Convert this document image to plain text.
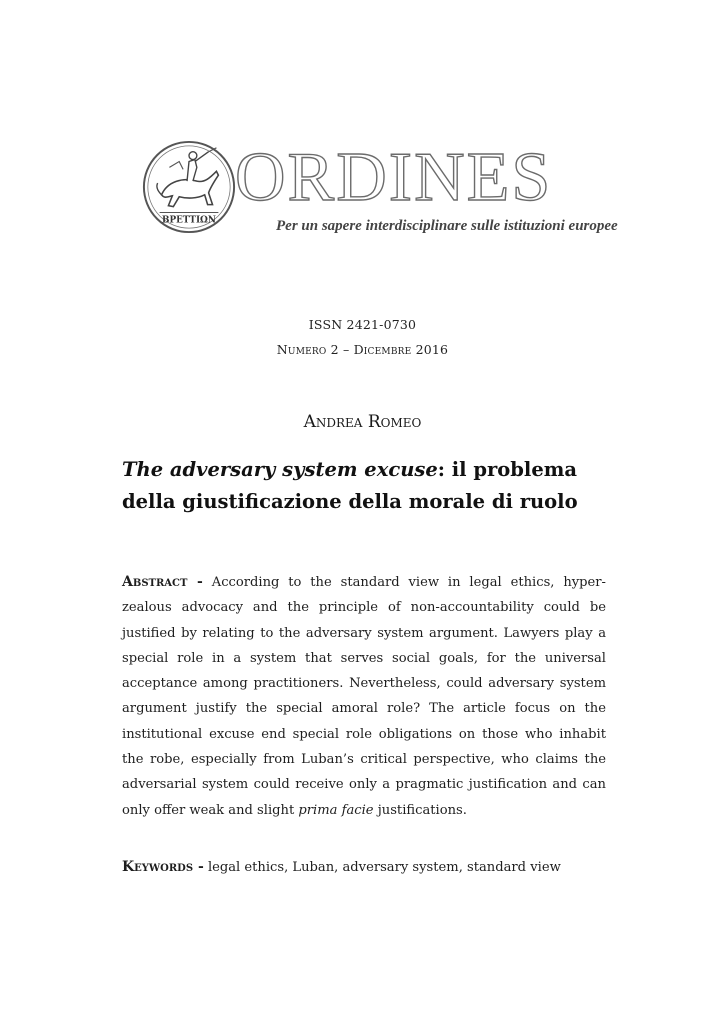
ΒΡΕΤΤΙΩΝ
ORDINES
Per un sapere interdisciplinare sulle istituzioni europee
ISSN 2421-0730
Numero 2 – Dicembre 2016
Andrea Romeo
The adversary system excuse: il problema della giustificazione della morale di ruolo
Abstract - According to the standard view in legal ethics, hyper-zealous advocacy and the principle of non-accountability could be justified by relating to the adversary system argument. Lawyers play a special role in a system that serves social goals, for the universal acceptance among practitioners. Nevertheless, could adversary system argument justify the special amoral role? The article focus on the institutional excuse end special role obligations on those who inhabit the robe, especially from Luban’s critical perspective, who claims the adversarial system could receive only a pragmatic justification and can only offer weak and slight prima facie justifications.
Keywords - legal ethics, Luban, adversary system, standard view
